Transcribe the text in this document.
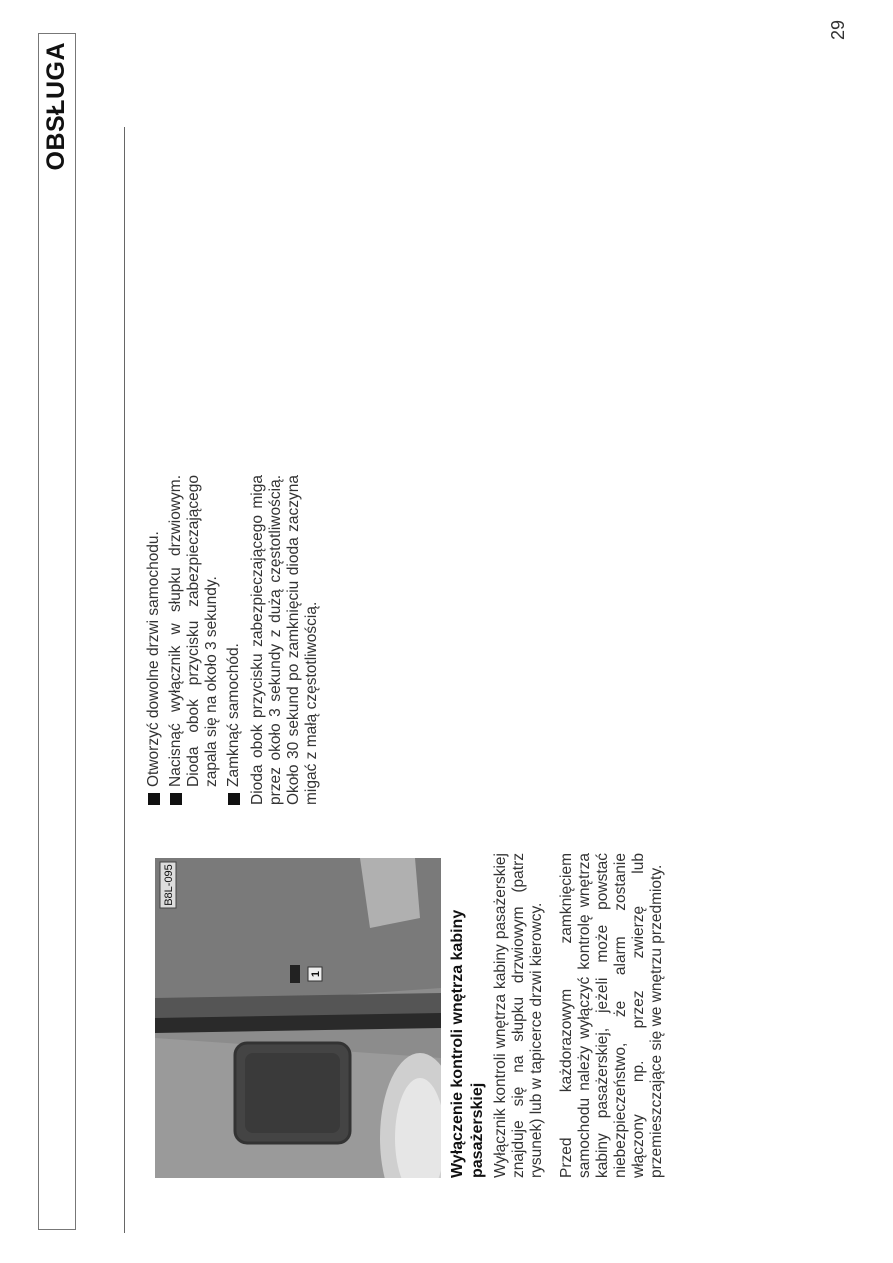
OBSŁUGA
29
B8L-095
1	Wyłączenie kontroli wnętrza kabiny pasażerskiej Wyłącznik kontroli wnętrza kabiny pasażerskiej znajduje się na słupku drzwiowym (patrz rysunek) lub w tapicerce drzwi kierowcy. Przed każdorazowym zamknięciem samochodu należy wyłączyć kontrolę wnętrza kabiny pasażerskiej, jeżeli może powstać niebezpieczeństwo, że alarm zostanie włączony np. przez zwierzę lub przemieszczające się we wnętrzu przedmioty.

Otworzyć dowolne drzwi samochodu. Nacisnąć wyłącznik w słupku drzwiowym. Dioda obok przycisku zabezpieczającego zapala się na około 3 sekundy. Zamknąć samochód. Dioda obok przycisku zabezpieczającego miga przez około 3 sekundy z dużą częstotliwością. Około 30 sekund po zamknięciu dioda zaczyna migać z małą częstotliwością.
